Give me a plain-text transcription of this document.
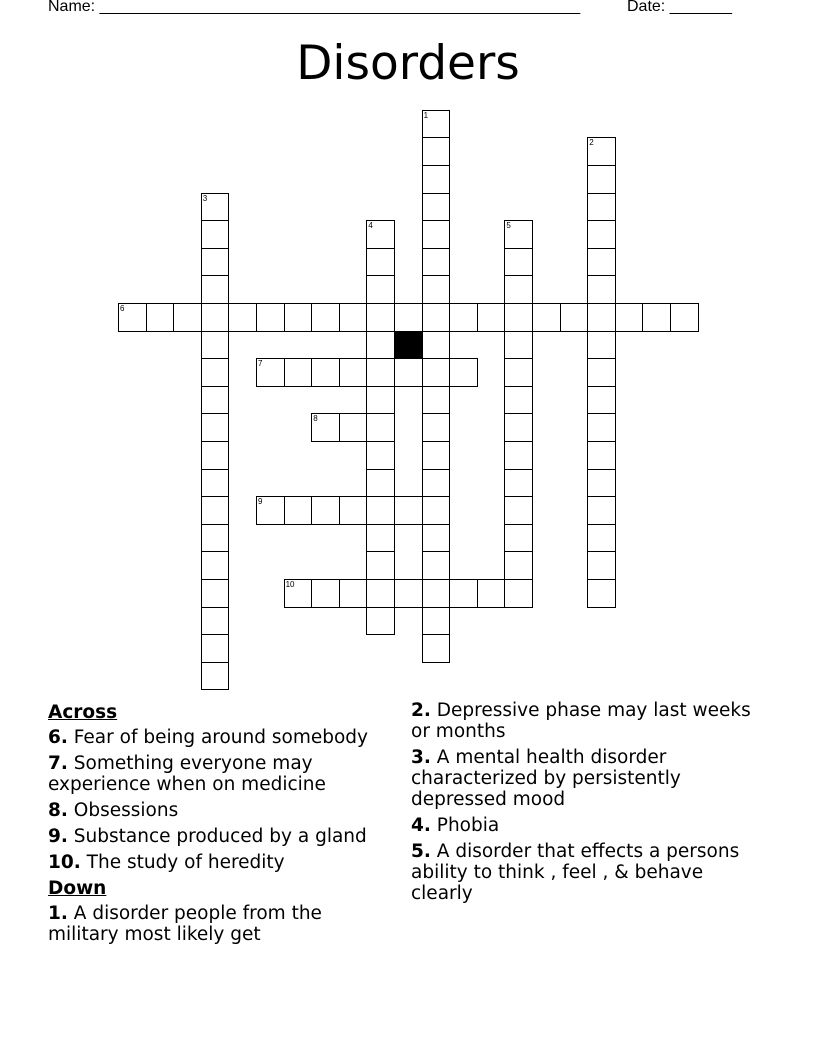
Name: ______________________________________________________	Date: _______
Disorders
1
2
3
4	5
6
7
8
9
10
Across
6. Fear of being around somebody
7. Something everyone may experience when on medicine
8. Obsessions
9. Substance produced by a gland
10. The study of heredity
Down
1. A disorder people from the military most likely get
2. Depressive phase may last weeks or months
3. A mental health disorder characterized by persistently depressed mood
4. Phobia
5. A disorder that effects a persons ability to think , feel , & behave clearly
